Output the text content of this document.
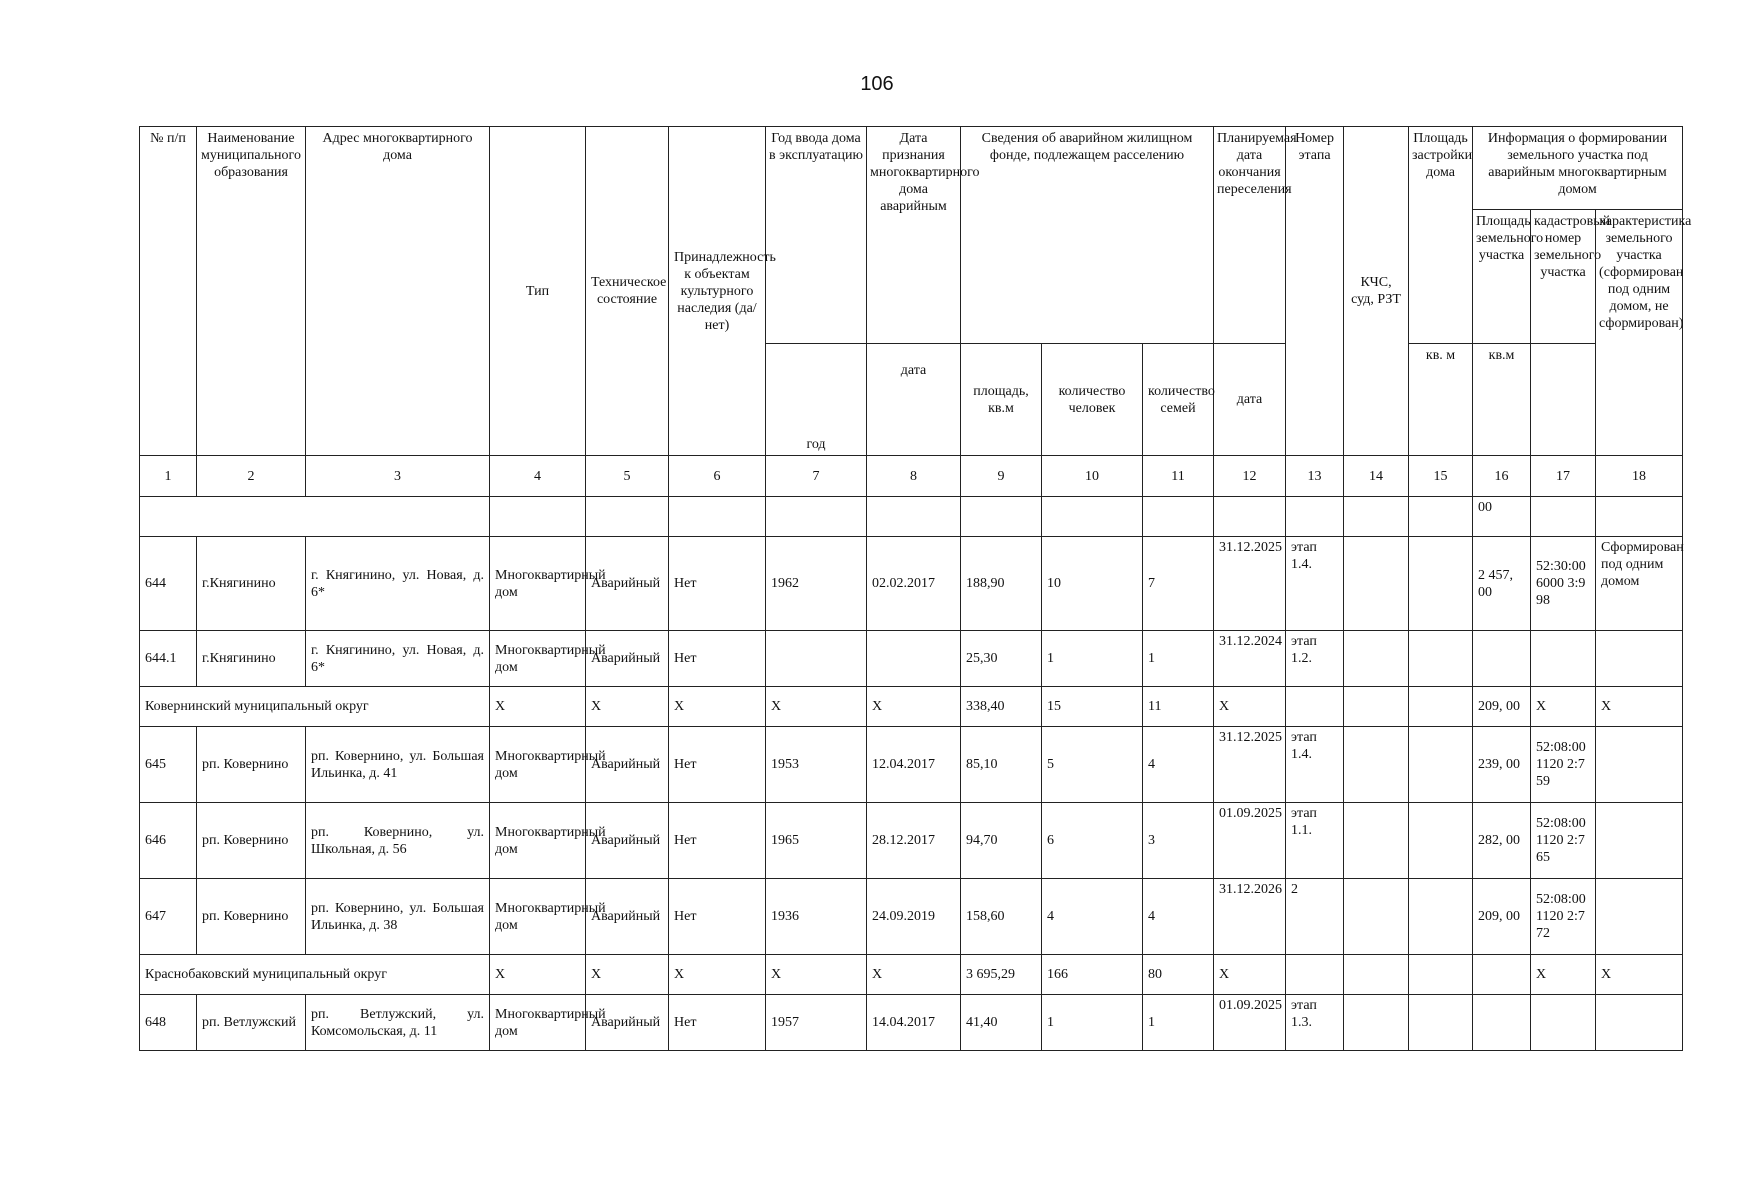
106
№ п/п	Наименование муниципального образования	Адрес многоквартирного дома	Тип	Техническое состояние	Принадлежность к объектам культурного наследия (да/нет)	Год ввода дома в эксплуатацию	Дата признания многоквартирного дома аварийным	Сведения об аварийном жилищном фонде, подлежащем расселению			Планируемая дата окончания переселения	Номер этапа	КЧС, суд, РЗТ	Площадь застройки дома	Информация о формировании земельного участка под аварийным многоквартирным домом		
															Площадь земельного участка	кадастровый номер земельного участка	характеристика земельного участка (сформирован под одним домом, не сформирован)
						год	дата	площадь, кв.м	количество человек	количество семей	дата			кв. м	кв.м		
1	2	3	4	5	6	7	8	9	10	11	12	13	14	15	16	17	18
															00		
644	г.Княгинино	г. Княгинино, ул. Новая, д. 6*	Многоквартирный дом	Аварийный	Нет	1962	02.02.2017	188,90	10	7	31.12.2025	этап 1.4.			2 457, 00	52:30:006000 3:998	Сформирован под одним домом
644.1	г.Княгинино	г. Княгинино, ул. Новая, д. 6*	Многоквартирный дом	Аварийный	Нет			25,30	1	1	31.12.2024	этап 1.2.					
Ковернинский муниципальный округ			X	X	X	X	X	338,40	15	11	X				209, 00	X	X
645	рп. Ковернино	рп. Ковернино, ул. Большая Ильинка, д. 41	Многоквартирный дом	Аварийный	Нет	1953	12.04.2017	85,10	5	4	31.12.2025	этап 1.4.			239, 00	52:08:001120 2:759	
646	рп. Ковернино	рп. Ковернино, ул. Школьная, д. 56	Многоквартирный дом	Аварийный	Нет	1965	28.12.2017	94,70	6	3	01.09.2025	этап 1.1.			282, 00	52:08:001120 2:765	
647	рп. Ковернино	рп. Ковернино, ул. Большая Ильинка, д. 38	Многоквартирный дом	Аварийный	Нет	1936	24.09.2019	158,60	4	4	31.12.2026	2			209, 00	52:08:001120 2:772	
Краснобаковский муниципальный округ			X	X	X	X	X	3 695,29	166	80	X					X	X
648	рп. Ветлужский	рп. Ветлужский, ул. Комсомольская, д. 11	Многоквартирный дом	Аварийный	Нет	1957	14.04.2017	41,40	1	1	01.09.2025	этап 1.3.					
